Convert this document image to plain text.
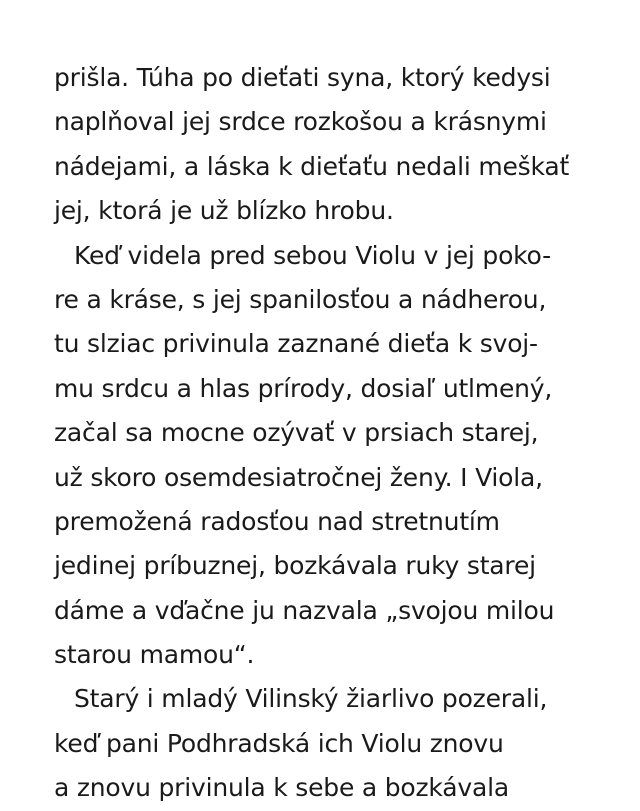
prišla. Túha po dieťati syna, ktorý kedysi
naplňoval jej srdce rozkošou a krásnymi
nádejami, a láska k dieťaťu nedali meškať
jej, ktorá je už blízko hrobu.
Keď videla pred sebou Violu v jej poko-
re a kráse, s jej spanilosťou a nádherou,
tu slziac privinula zaznané dieťa k svoj-
mu srdcu a hlas prírody, dosiaľ utlmený,
začal sa mocne ozývať v prsiach starej,
už skoro osemdesiatročnej ženy. I Viola,
premožená radosťou nad stretnutím
jedinej príbuznej, bozkávala ruky starej
dáme a vďačne ju nazvala „svojou milou
starou mamou“.
Starý i mladý Vilinský žiarlivo pozerali,
keď pani Podhradská ich Violu znovu
a znovu privinula k sebe a bozkávala
